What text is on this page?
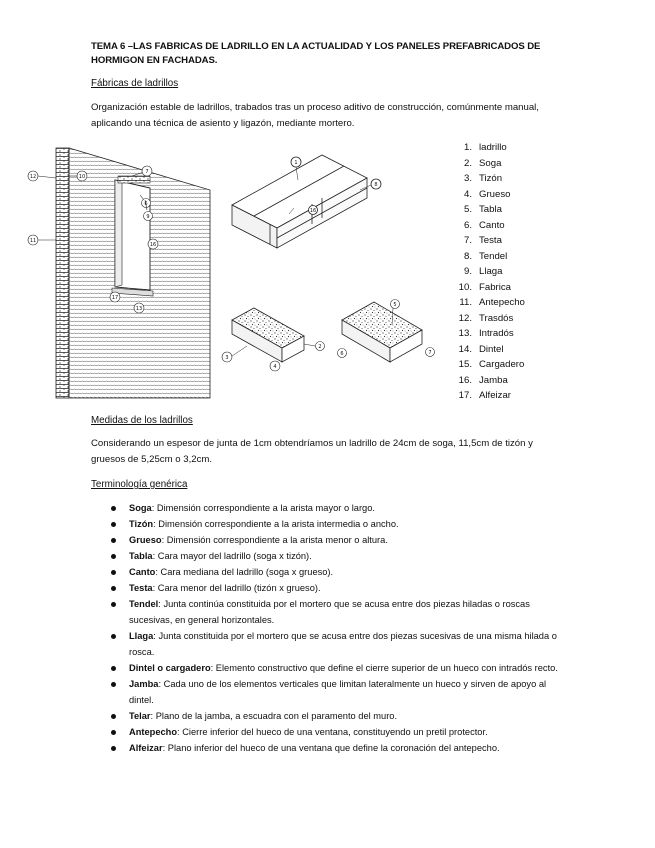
TEMA 6 –LAS FABRICAS DE LADRILLO EN LA ACTUALIDAD Y LOS PANELES PREFABRICADOS DE HORMIGON EN FACHADAS.
Fábricas de ladrillos
Organización estable de ladrillos, trabados tras un proceso aditivo de construcción, comúnmente manual, aplicando una técnica de asiento y ligazón, mediante mortero.
12	10
7
6
9
11
16
17
13
1
8
16
3
4
2
5
6	7
1. ladrillo
2. Soga
3. Tizón
4. Grueso
5. Tabla
6. Canto
7. Testa
8. Tendel
9. Llaga
10. Fabrica
11. Antepecho
12. Trasdós
13. Intradós
14. Dintel
15. Cargadero
16. Jamba
17. Alfeizar
Medidas de los ladrillos
Considerando un espesor de junta de 1cm obtendríamos un ladrillo de 24cm de soga, 11,5cm de tizón y gruesos de 5,25cm o 3,2cm.
Terminología genérica
Soga: Dimensión correspondiente a la arista mayor o largo.
Tizón: Dimensión correspondiente a la arista intermedia o ancho.
Grueso: Dimensión correspondiente a la arista menor o altura.
Tabla: Cara mayor del ladrillo (soga x tizón).
Canto: Cara mediana del ladrillo (soga x grueso).
Testa: Cara menor del ladrillo (tizón x grueso).
Tendel: Junta continúa constituida por el mortero que se acusa entre dos piezas hiladas o roscas sucesivas, en general horizontales.
Llaga: Junta constituida por el mortero que se acusa entre dos piezas sucesivas de una misma hilada o rosca.
Dintel o cargadero: Elemento constructivo que define el cierre superior de un hueco con intradós recto.
Jamba: Cada uno de los elementos verticales que limitan lateralmente un hueco y sirven de apoyo al dintel.
Telar: Plano de la jamba, a escuadra con el paramento del muro.
Antepecho: Cierre inferior del hueco de una ventana, constituyendo un pretil protector.
Alfeizar: Plano inferior del hueco de una ventana que define la coronación del antepecho.
